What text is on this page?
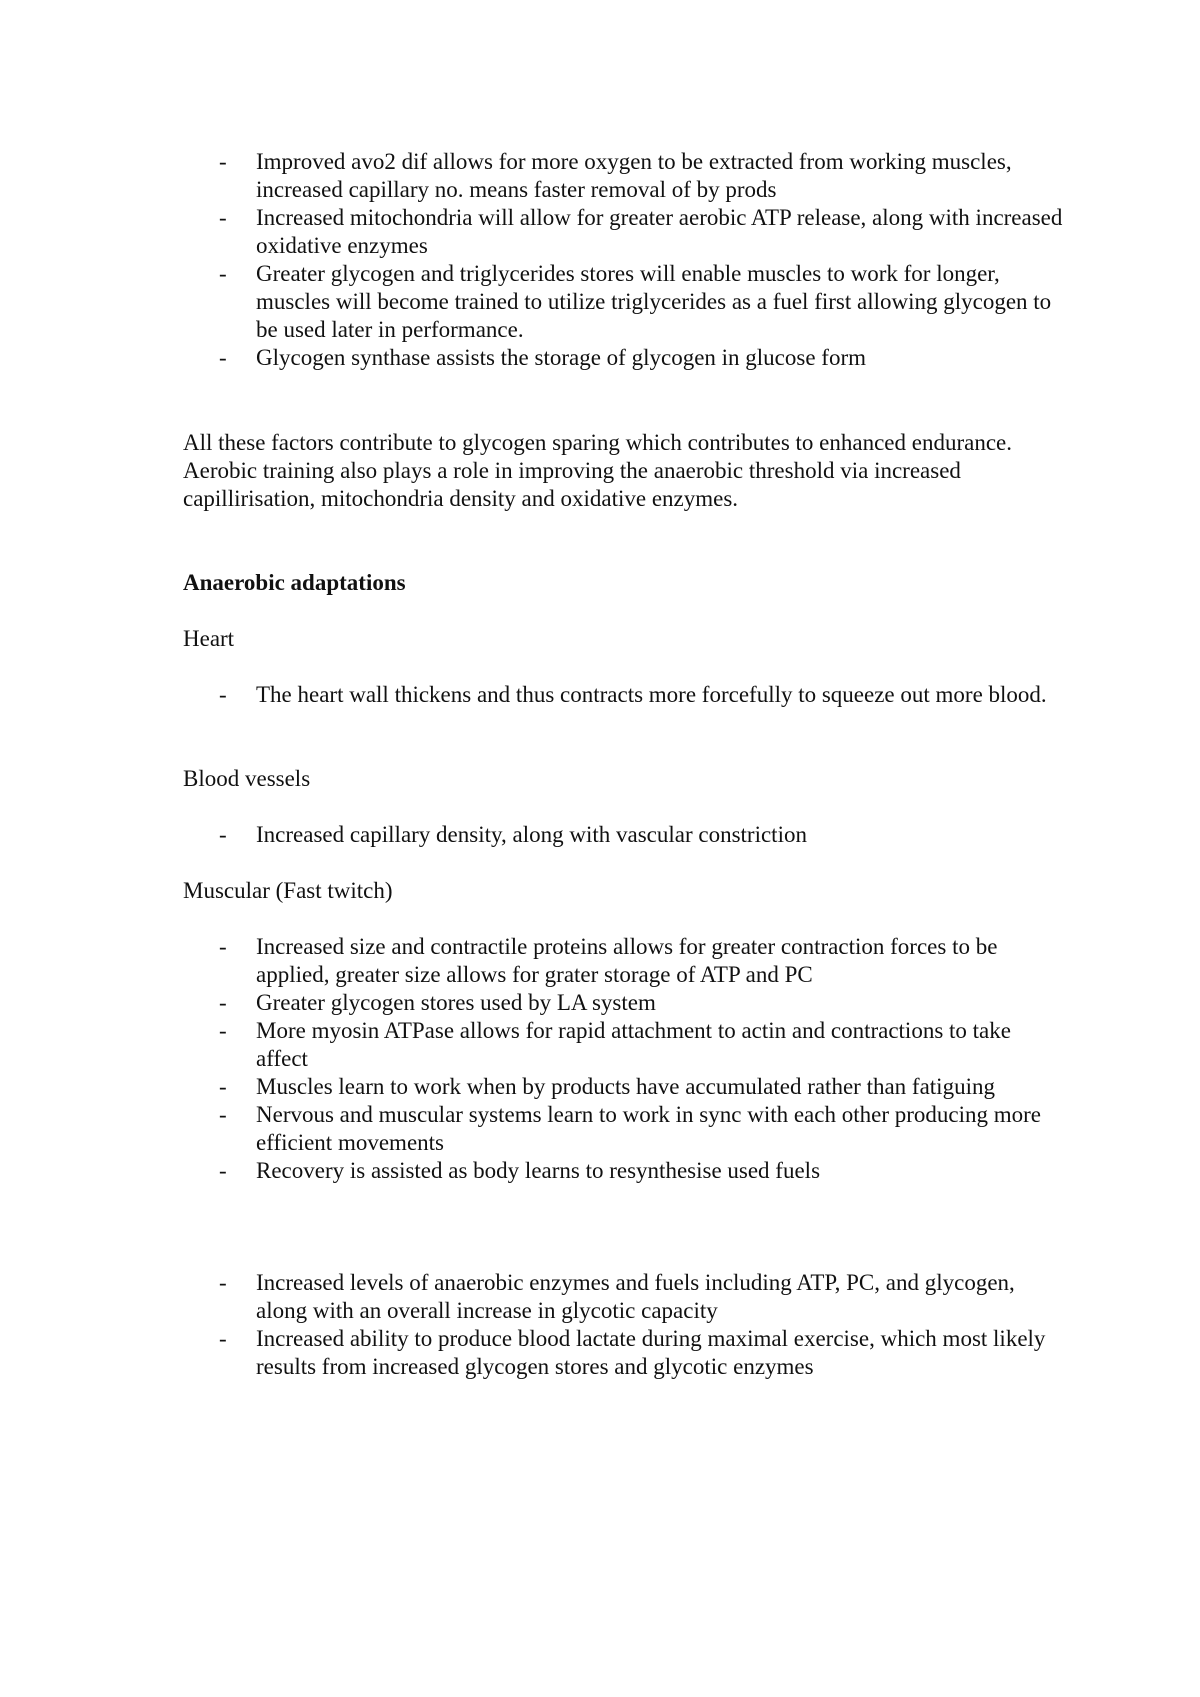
- Improved avo2 dif allows for more oxygen to be extracted from working muscles, increased capillary no. means faster removal of by prods
- Increased mitochondria will allow for greater aerobic ATP release, along with increased oxidative enzymes
- Greater glycogen and triglycerides stores will enable muscles to work for longer, muscles will become trained to utilize triglycerides as a fuel first allowing glycogen to be used later in performance.
- Glycogen synthase assists the storage of glycogen in glucose form

All these factors contribute to glycogen sparing which contributes to enhanced endurance. Aerobic training also plays a role in improving the anaerobic threshold via increased capillirisation, mitochondria density and oxidative enzymes.

Anaerobic adaptations

Heart

- The heart wall thickens and thus contracts more forcefully to squeeze out more blood.

Blood vessels

- Increased capillary density, along with vascular constriction

Muscular (Fast twitch)

- Increased size and contractile proteins allows for greater contraction forces to be applied, greater size allows for grater storage of ATP and PC
- Greater glycogen stores used by LA system
- More myosin ATPase allows for rapid attachment to actin and contractions to take affect
- Muscles learn to work when by products have accumulated rather than fatiguing
- Nervous and muscular systems learn to work in sync with each other producing more efficient movements
- Recovery is assisted as body learns to resynthesise used fuels
- Increased levels of anaerobic enzymes and fuels including ATP, PC, and glycogen, along with an overall increase in glycotic capacity
- Increased ability to produce blood lactate during maximal exercise, which most likely results from increased glycogen stores and glycotic enzymes
